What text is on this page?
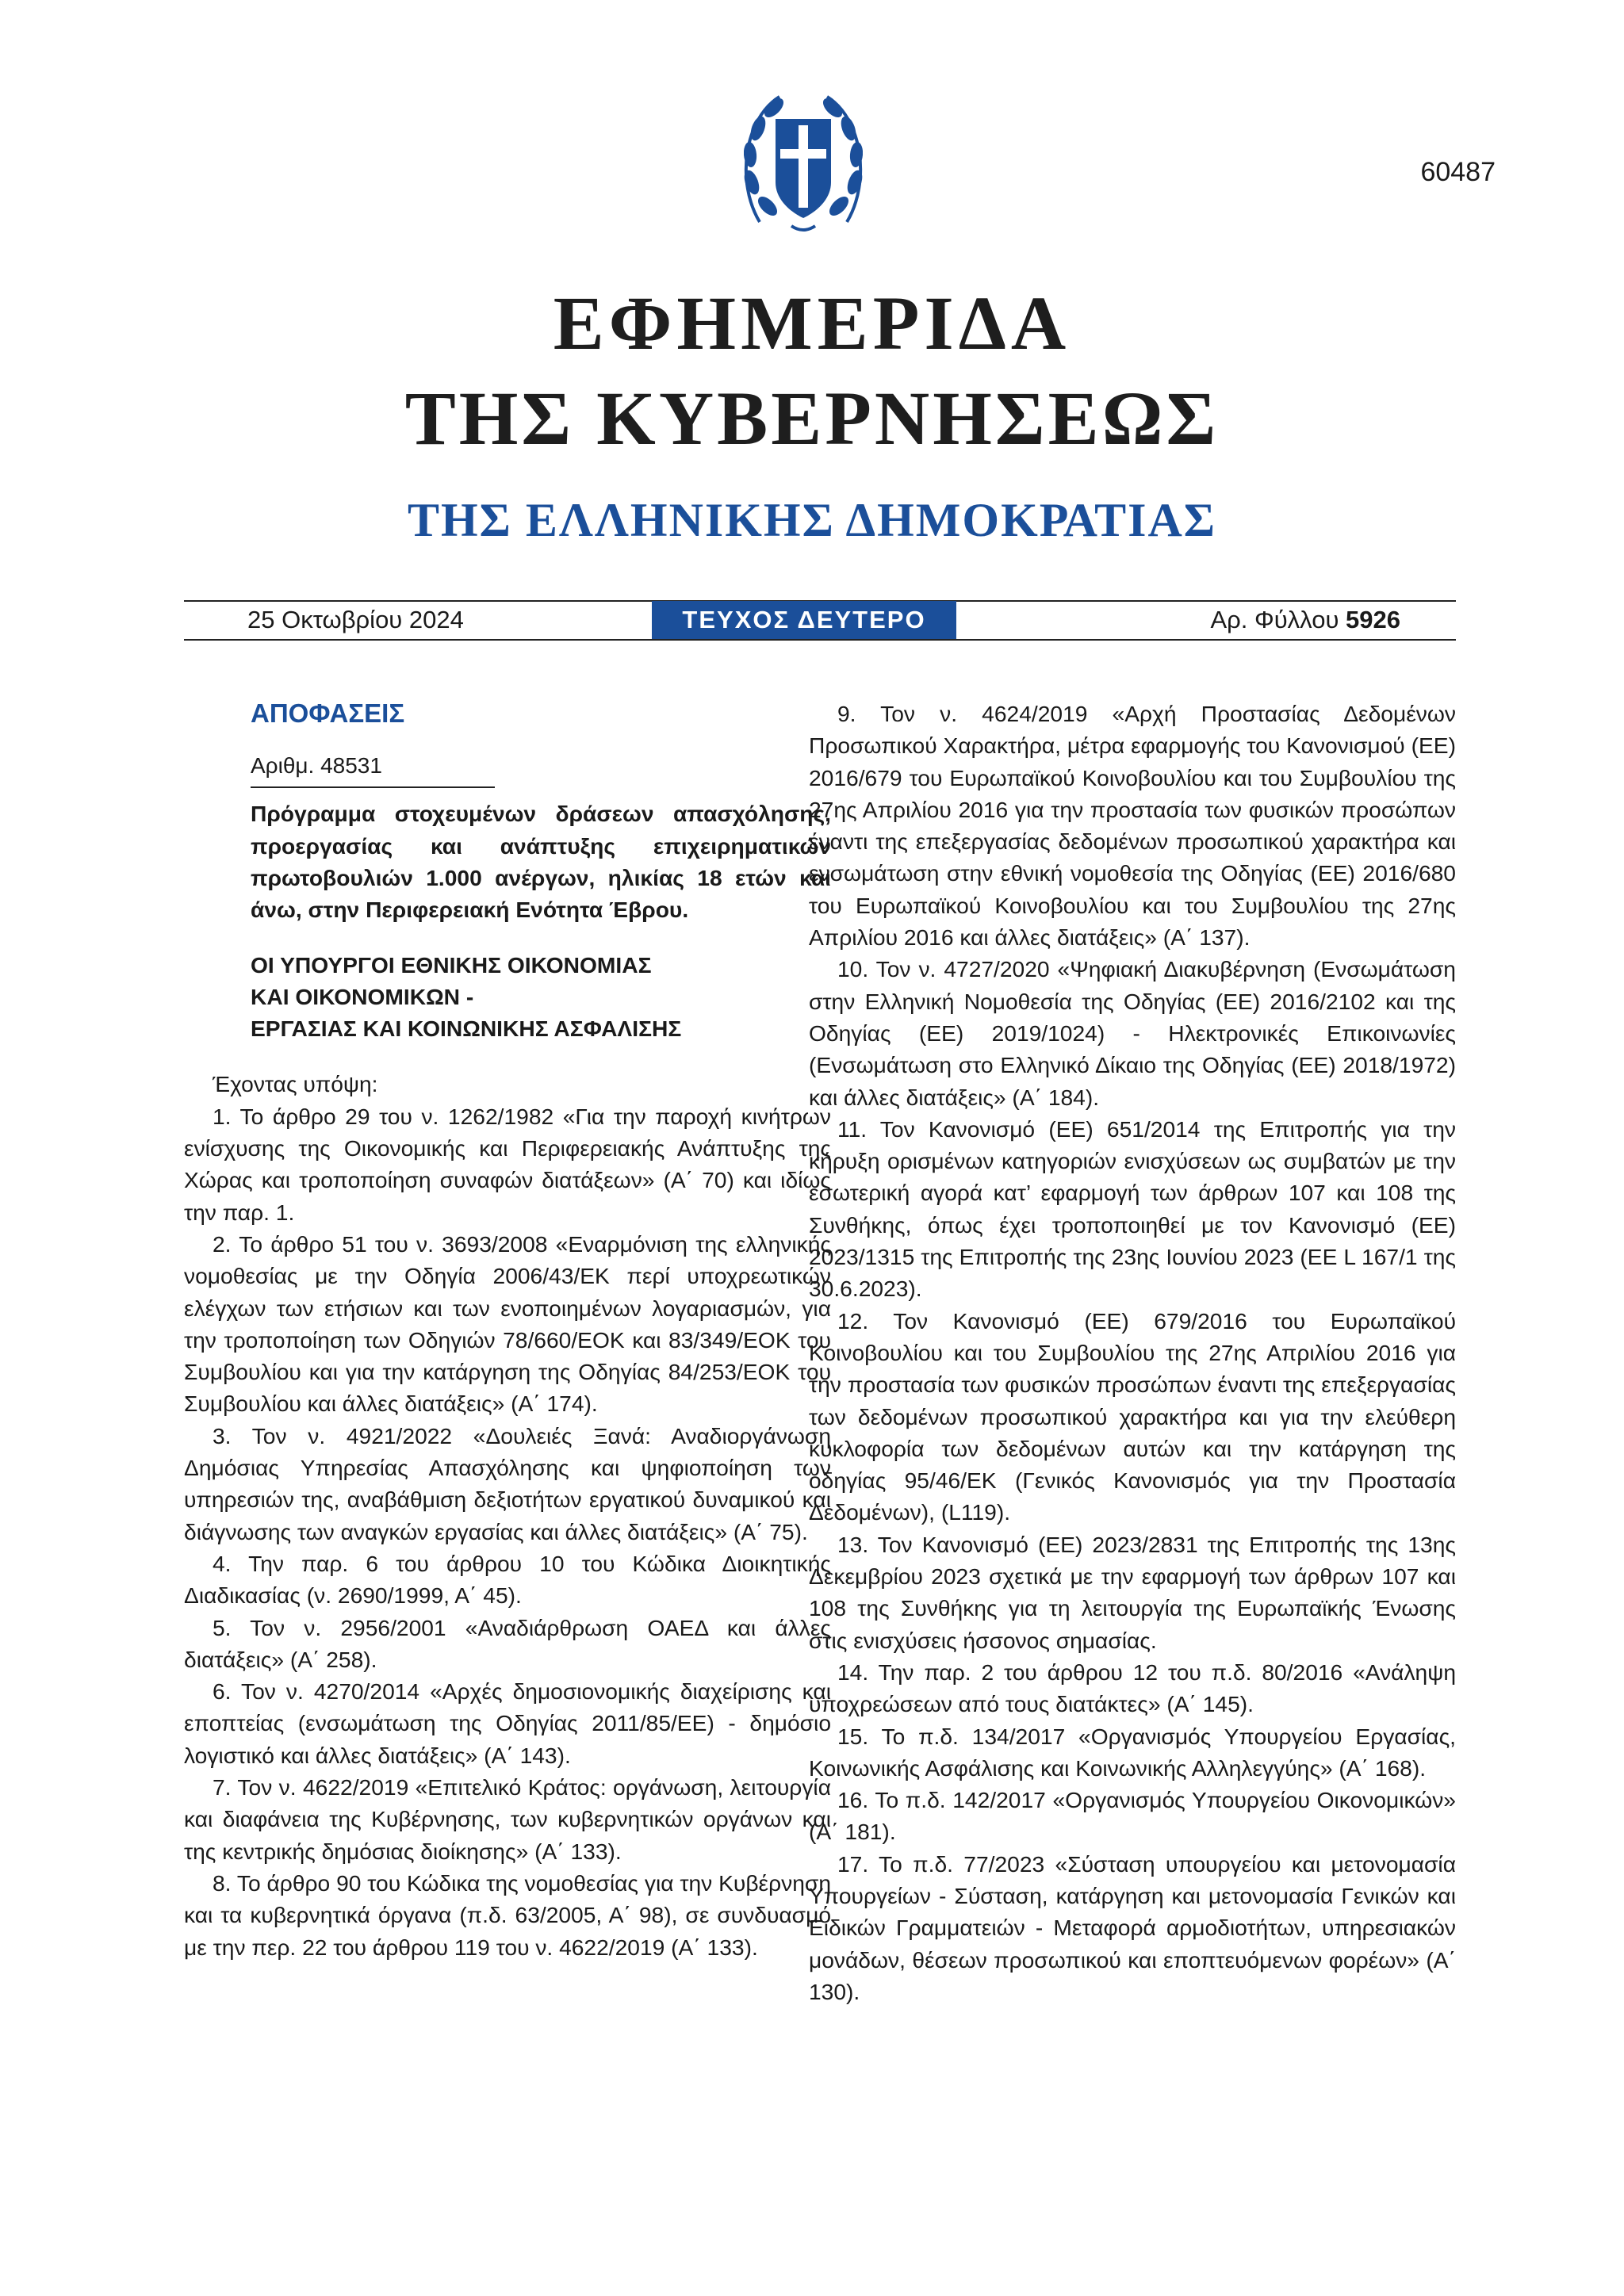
60487
ΕΦΗΜΕΡΙΔΑ
ΤΗΣ ΚΥΒΕΡΝΗΣΕΩΣ
ΤΗΣ ΕΛΛΗΝΙΚΗΣ ΔΗΜΟΚΡΑΤΙΑΣ
25 Οκτωβρίου 2024	ΤΕΥΧΟΣ ΔΕΥΤΕΡΟ	Αρ. Φύλλου 5926
ΑΠΟΦΑΣΕΙΣ
Αριθμ. 48531
Πρόγραμμα στοχευμένων δράσεων απασχόλησης, προεργασίας και ανάπτυξης επιχειρηματικών πρωτοβουλιών 1.000 ανέργων, ηλικίας 18 ετών και άνω, στην Περιφερειακή Ενότητα Έβρου.
ΟΙ ΥΠΟΥΡΓΟΙ ΕΘΝΙΚΗΣ ΟΙΚΟΝΟΜΙΑΣ
ΚΑΙ ΟΙΚΟΝΟΜΙΚΩΝ -
ΕΡΓΑΣΙΑΣ ΚΑΙ ΚΟΙΝΩΝΙΚΗΣ ΑΣΦΑΛΙΣΗΣ

Έχοντας υπόψη:

1. Το άρθρο 29 του ν. 1262/1982 «Για την παροχή κινήτρων ενίσχυσης της Οικονομικής και Περιφερειακής Ανάπτυξης της Χώρας και τροποποίηση συναφών διατάξεων» (Α΄ 70) και ιδίως την παρ. 1.

2. Το άρθρο 51 του ν. 3693/2008 «Εναρμόνιση της ελληνικής νομοθεσίας με την Οδηγία 2006/43/ΕΚ περί υποχρεωτικών ελέγχων των ετήσιων και των ενοποιημένων λογαριασμών, για την τροποποίηση των Οδηγιών 78/660/ΕΟΚ και 83/349/ΕΟΚ του Συμβουλίου και για την κατάργηση της Οδηγίας 84/253/ΕΟΚ του Συμβουλίου και άλλες διατάξεις» (Α΄ 174).

3. Τον ν. 4921/2022 «Δουλειές Ξανά: Αναδιοργάνωση Δημόσιας Υπηρεσίας Απασχόλησης και ψηφιοποίηση των υπηρεσιών της, αναβάθμιση δεξιοτήτων εργατικού δυναμικού και διάγνωσης των αναγκών εργασίας και άλλες διατάξεις» (Α΄ 75).

4. Την παρ. 6 του άρθρου 10 του Κώδικα Διοικητικής Διαδικασίας (ν. 2690/1999, Α΄ 45).

5. Τον ν. 2956/2001 «Αναδιάρθρωση ΟΑΕΔ και άλλες διατάξεις» (Α΄ 258).

6. Τον ν. 4270/2014 «Αρχές δημοσιονομικής διαχείρισης και εποπτείας (ενσωμάτωση της Οδηγίας 2011/85/ΕΕ) - δημόσιο λογιστικό και άλλες διατάξεις» (Α΄ 143).

7. Τον ν. 4622/2019 «Επιτελικό Κράτος: οργάνωση, λειτουργία και διαφάνεια της Κυβέρνησης, των κυβερνητικών οργάνων και της κεντρικής δημόσιας διοίκησης» (Α΄ 133).

8. Το άρθρο 90 του Κώδικα της νομοθεσίας για την Κυβέρνηση και τα κυβερνητικά όργανα (π.δ. 63/2005, Α΄ 98), σε συνδυασμό με την περ. 22 του άρθρου 119 του ν. 4622/2019 (Α΄ 133).

9. Τον ν. 4624/2019 «Αρχή Προστασίας Δεδομένων Προσωπικού Χαρακτήρα, μέτρα εφαρμογής του Κανονισμού (ΕΕ) 2016/679 του Ευρωπαϊκού Κοινοβουλίου και του Συμβουλίου της 27ης Απριλίου 2016 για την προστασία των φυσικών προσώπων έναντι της επεξεργασίας δεδομένων προσωπικού χαρακτήρα και ενσωμάτωση στην εθνική νομοθεσία της Οδηγίας (ΕΕ) 2016/680 του Ευρωπαϊκού Κοινοβουλίου και του Συμβουλίου της 27ης Απριλίου 2016 και άλλες διατάξεις» (Α΄ 137).

10. Τον ν. 4727/2020 «Ψηφιακή Διακυβέρνηση (Ενσωμάτωση στην Ελληνική Νομοθεσία της Οδηγίας (ΕΕ) 2016/2102 και της Οδηγίας (ΕΕ) 2019/1024) - Ηλεκτρονικές Επικοινωνίες (Ενσωμάτωση στο Ελληνικό Δίκαιο της Οδηγίας (ΕΕ) 2018/1972) και άλλες διατάξεις» (Α΄ 184).

11. Τον Κανονισμό (ΕΕ) 651/2014 της Επιτροπής για την κήρυξη ορισμένων κατηγοριών ενισχύσεων ως συμβατών με την εσωτερική αγορά κατ’ εφαρμογή των άρθρων 107 και 108 της Συνθήκης, όπως έχει τροποποιηθεί με τον Κανονισμό (ΕΕ) 2023/1315 της Επιτροπής της 23ης Ιουνίου 2023 (ΕΕ L 167/1 της 30.6.2023).

12. Τον Κανονισμό (ΕΕ) 679/2016 του Ευρωπαϊκού Κοινοβουλίου και του Συμβουλίου της 27ης Απριλίου 2016 για την προστασία των φυσικών προσώπων έναντι της επεξεργασίας των δεδομένων προσωπικού χαρακτήρα και για την ελεύθερη κυκλοφορία των δεδομένων αυτών και την κατάργηση της οδηγίας 95/46/ΕΚ (Γενικός Κανονισμός για την Προστασία Δεδομένων), (L119).

13. Τον Κανονισμό (ΕΕ) 2023/2831 της Επιτροπής της 13ης Δεκεμβρίου 2023 σχετικά με την εφαρμογή των άρθρων 107 και 108 της Συνθήκης για τη λειτουργία της Ευρωπαϊκής Ένωσης στις ενισχύσεις ήσσονος σημασίας.

14. Την παρ. 2 του άρθρου 12 του π.δ. 80/2016 «Ανάληψη υποχρεώσεων από τους διατάκτες» (Α΄ 145).

15. Το π.δ. 134/2017 «Οργανισμός Υπουργείου Εργασίας, Κοινωνικής Ασφάλισης και Κοινωνικής Αλληλεγγύης» (Α΄ 168).

16. Το π.δ. 142/2017 «Οργανισμός Υπουργείου Οικονομικών» (Α΄ 181).

17. Το π.δ. 77/2023 «Σύσταση υπουργείου και μετονομασία Υπουργείων - Σύσταση, κατάργηση και μετονομασία Γενικών και Ειδικών Γραμματειών - Μεταφορά αρμοδιοτήτων, υπηρεσιακών μονάδων, θέσεων προσωπικού και εποπτευόμενων φορέων» (Α΄ 130).
